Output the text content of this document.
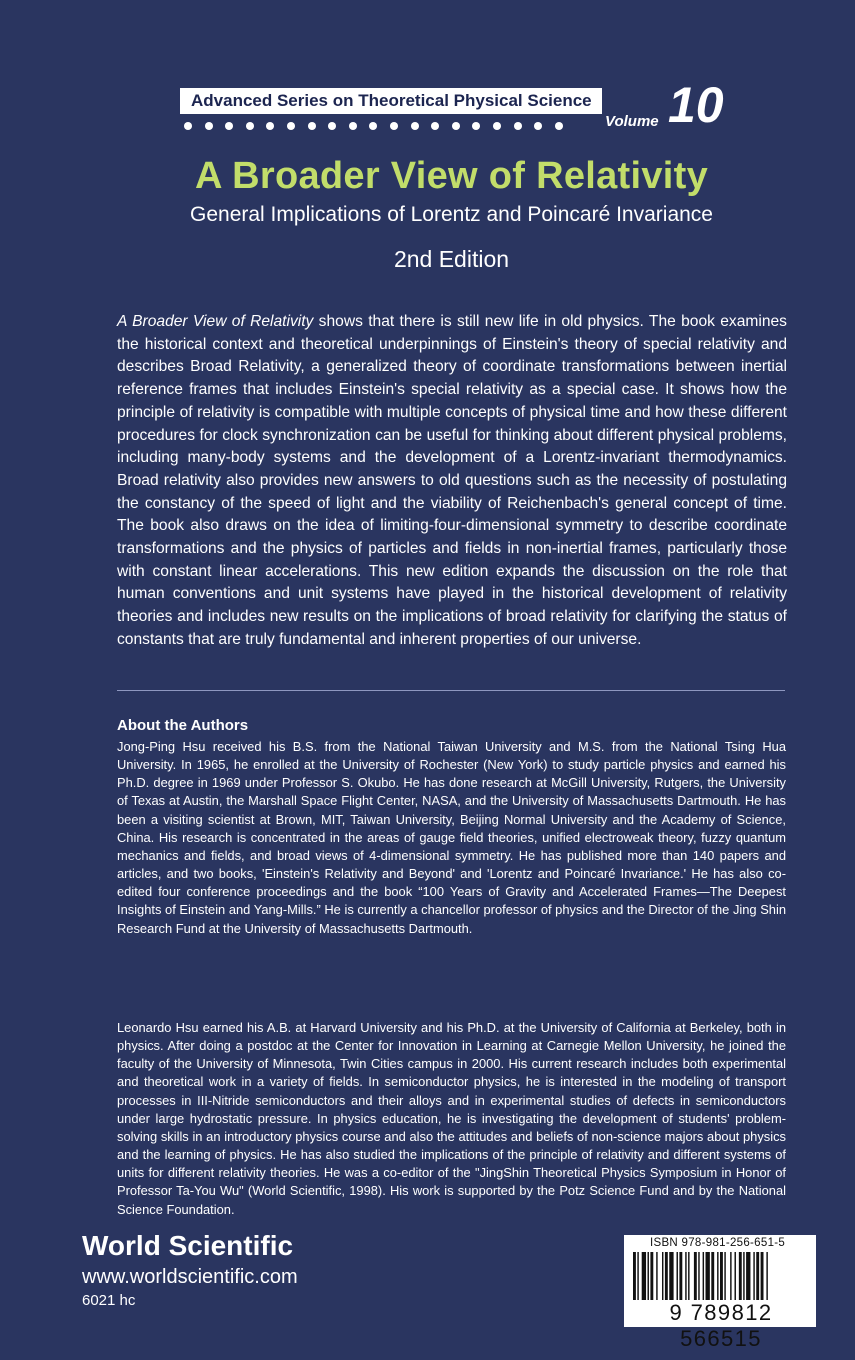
Advanced Series on Theoretical Physical Science
Volume 10
A Broader View of Relativity
General Implications of Lorentz and Poincaré Invariance
2nd Edition

A Broader View of Relativity shows that there is still new life in old physics. The book examines the historical context and theoretical underpinnings of Einstein's theory of special relativity and describes Broad Relativity, a generalized theory of coordinate transformations between inertial reference frames that includes Einstein's special relativity as a special case. It shows how the principle of relativity is compatible with multiple concepts of physical time and how these different procedures for clock synchronization can be useful for thinking about different physical problems, including many-body systems and the development of a Lorentz-invariant thermodynamics. Broad relativity also provides new answers to old questions such as the necessity of postulating the constancy of the speed of light and the viability of Reichenbach's general concept of time. The book also draws on the idea of limiting-four-dimensional symmetry to describe coordinate transformations and the physics of particles and fields in non-inertial frames, particularly those with constant linear accelerations. This new edition expands the discussion on the role that human conventions and unit systems have played in the historical development of relativity theories and includes new results on the implications of broad relativity for clarifying the status of constants that are truly fundamental and inherent properties of our universe.

About the Authors

Jong-Ping Hsu received his B.S. from the National Taiwan University and M.S. from the National Tsing Hua University. In 1965, he enrolled at the University of Rochester (New York) to study particle physics and earned his Ph.D. degree in 1969 under Professor S. Okubo. He has done research at McGill University, Rutgers, the University of Texas at Austin, the Marshall Space Flight Center, NASA, and the University of Massachusetts Dartmouth. He has been a visiting scientist at Brown, MIT, Taiwan University, Beijing Normal University and the Academy of Science, China. His research is concentrated in the areas of gauge field theories, unified electroweak theory, fuzzy quantum mechanics and fields, and broad views of 4-dimensional symmetry. He has published more than 140 papers and articles, and two books, 'Einstein's Relativity and Beyond' and 'Lorentz and Poincaré Invariance.' He has also co-edited four conference proceedings and the book “100 Years of Gravity and Accelerated Frames—The Deepest Insights of Einstein and Yang-Mills.” He is currently a chancellor professor of physics and the Director of the Jing Shin Research Fund at the University of Massachusetts Dartmouth.

Leonardo Hsu earned his A.B. at Harvard University and his Ph.D. at the University of California at Berkeley, both in physics. After doing a postdoc at the Center for Innovation in Learning at Carnegie Mellon University, he joined the faculty of the University of Minnesota, Twin Cities campus in 2000. His current research includes both experimental and theoretical work in a variety of fields. In semiconductor physics, he is interested in the modeling of transport processes in III-Nitride semiconductors and their alloys and in experimental studies of defects in semiconductors under large hydrostatic pressure. In physics education, he is investigating the development of students' problem-solving skills in an introductory physics course and also the attitudes and beliefs of non-science majors about physics and the learning of physics. He has also studied the implications of the principle of relativity and different systems of units for different relativity theories. He was a co-editor of the "JingShin Theoretical Physics Symposium in Honor of Professor Ta-You Wu" (World Scientific, 1998). His work is supported by the Potz Science Fund and by the National Science Foundation.

World Scientific
www.worldscientific.com
6021 hc
ISBN 978-981-256-651-5
9 789812 566515
